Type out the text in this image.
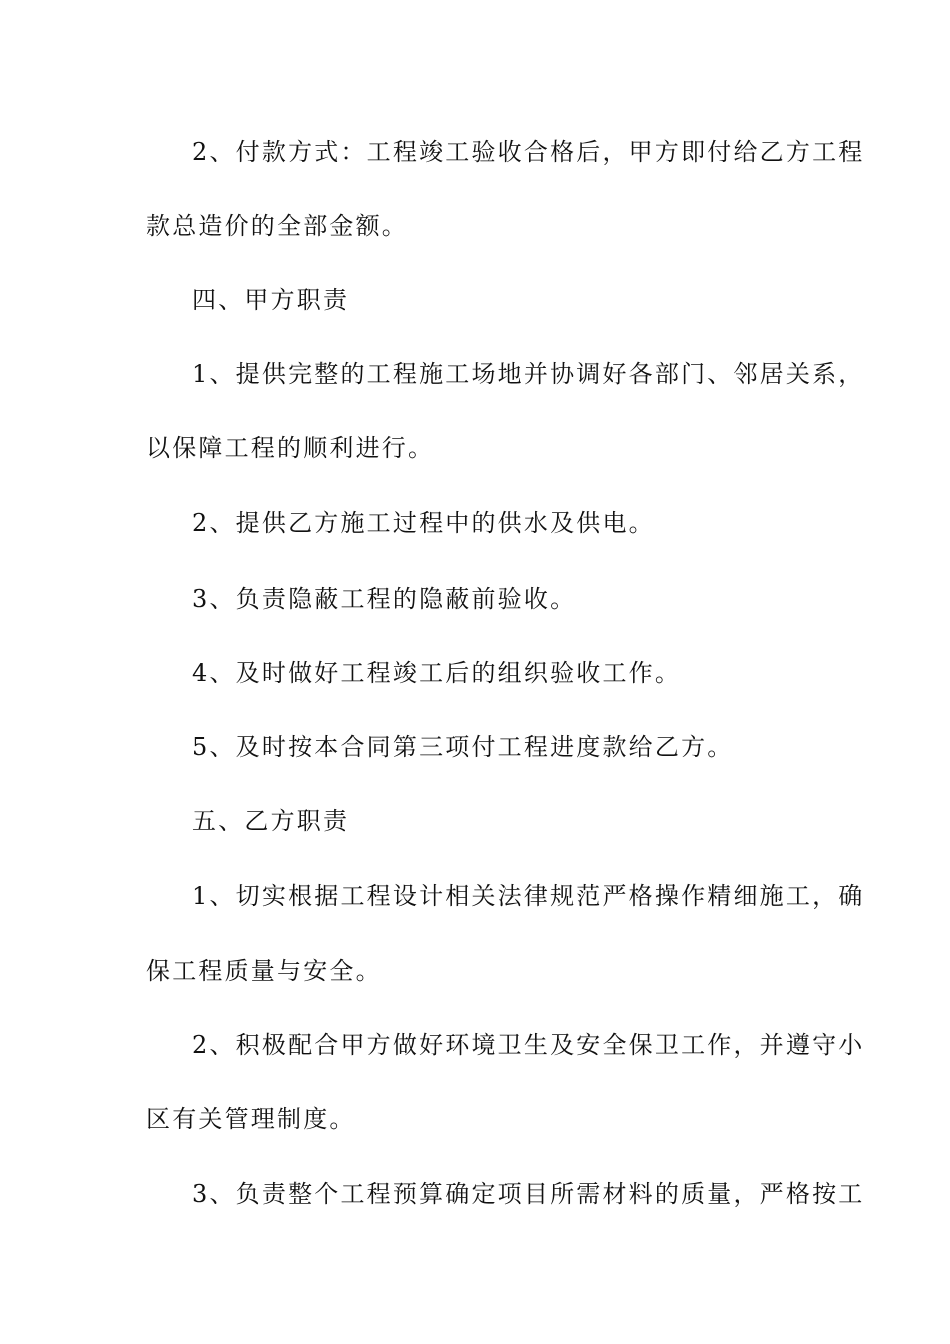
2、付款方式：工程竣工验收合格后，甲方即付给乙方工程
款总造价的全部金额。
四、甲方职责
1、提供完整的工程施工场地并协调好各部门、邻居关系，
以保障工程的顺利进行。
2、提供乙方施工过程中的供水及供电。
3、负责隐蔽工程的隐蔽前验收。
4、及时做好工程竣工后的组织验收工作。
5、及时按本合同第三项付工程进度款给乙方。
五、乙方职责
1、切实根据工程设计相关法律规范严格操作精细施工，确
保工程质量与安全。
2、积极配合甲方做好环境卫生及安全保卫工作，并遵守小
区有关管理制度。
3、负责整个工程预算确定项目所需材料的质量，严格按工
